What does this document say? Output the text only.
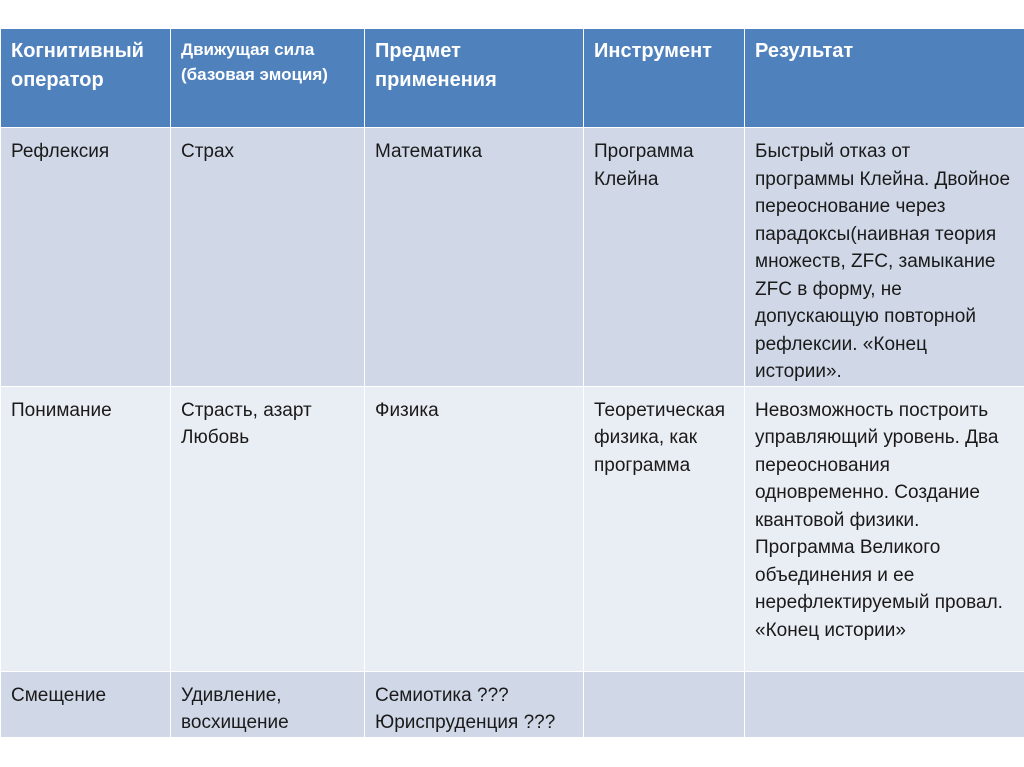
Когнитивный оператор	Движущая сила (базовая эмоция)	Предмет применения	Инструмент	Результат
Рефлексия	Страх	Математика	Программа Клейна	Быстрый отказ от программы Клейна. Двойное переоснование через парадоксы(наивная теория множеств, ZFC, замыкание ZFC в форму, не допускающую повторной рефлексии. «Конец истории».
Понимание	Страсть, азарт Любовь	Физика	Теоретическая физика, как программа	Невозможность построить управляющий уровень. Два переоснования одновременно. Создание квантовой физики. Программа Великого объединения и ее нерефлектируемый провал. «Конец истории»
Смещение	Удивление, восхищение	Семиотика ??? Юриспруденция ???		
